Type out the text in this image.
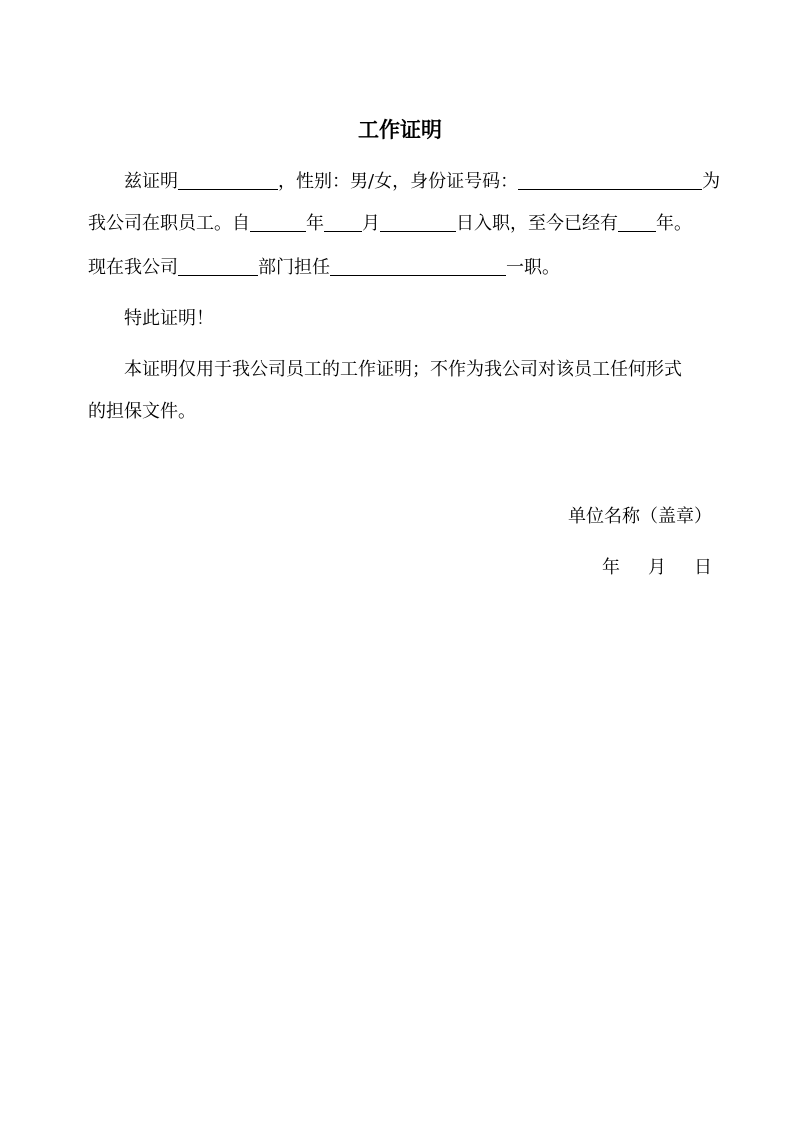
工作证明
兹证明	，性别：男/女，身份证号码：	为
我公司在职员工。自	年 月	日入职，至今已经有 年。
现在我公司	部门担任	一职。
特此证明！
本证明仅用于我公司员工的工作证明；不作为我公司对该员工任何形式
的担保文件。
单位名称（盖章）
年 月 日
